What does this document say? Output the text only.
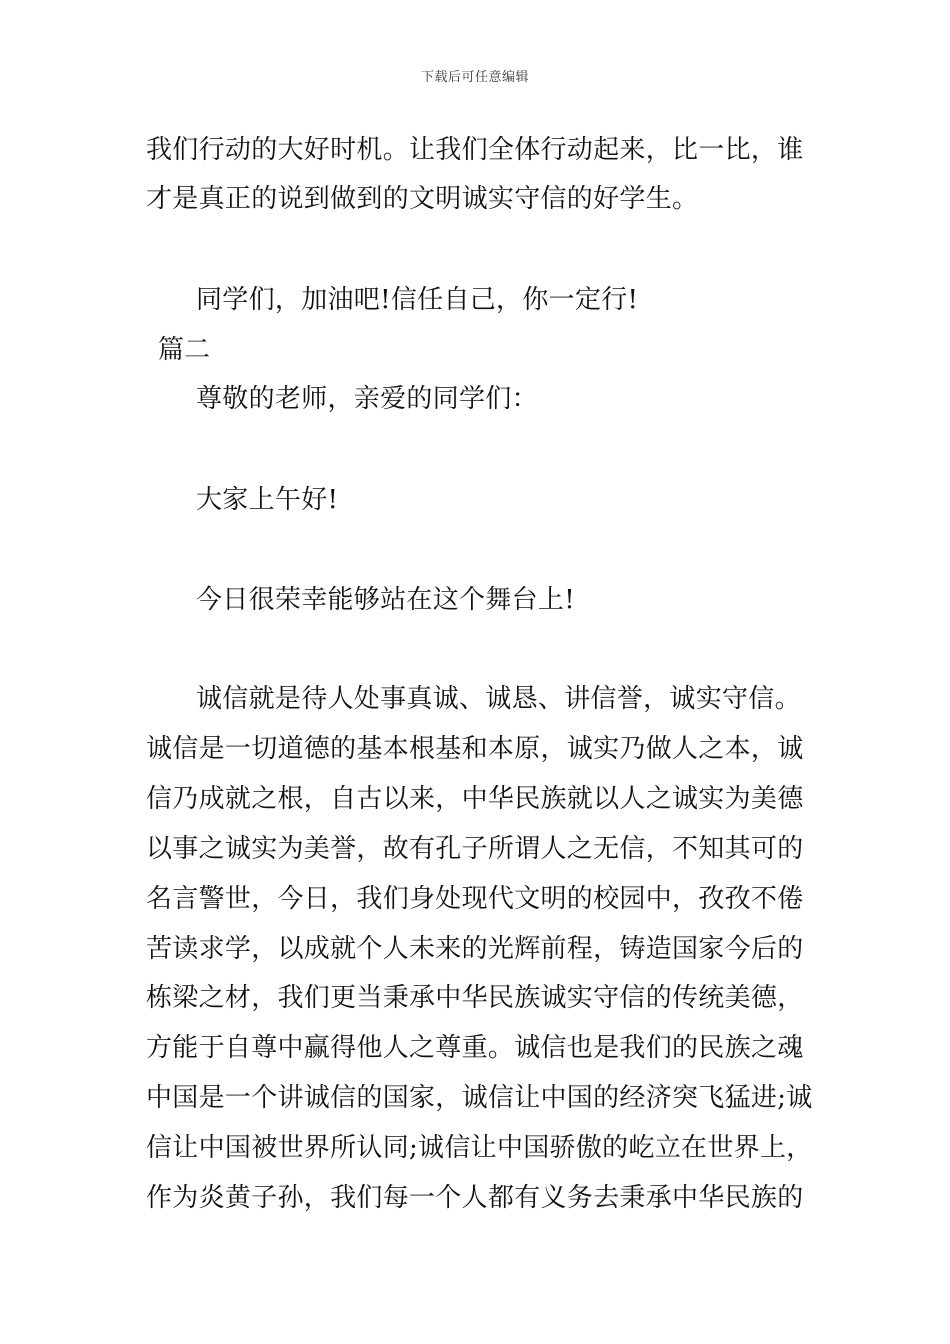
下载后可任意编辑
我们行动的大好时机。让我们全体行动起来，比一比，谁
才是真正的说到做到的文明诚实守信的好学生。
同学们，加油吧!信任自己，你一定行!
篇二
尊敬的老师，亲爱的同学们：
大家上午好!
今日很荣幸能够站在这个舞台上!
诚信就是待人处事真诚、诚恳、讲信誉，诚实守信。
诚信是一切道德的基本根基和本原，诚实乃做人之本，诚
信乃成就之根，自古以来，中华民族就以人之诚实为美德
以事之诚实为美誉，故有孔子所谓人之无信，不知其可的
名言警世，今日，我们身处现代文明的校园中，孜孜不倦
苦读求学，以成就个人未来的光辉前程，铸造国家今后的
栋梁之材，我们更当秉承中华民族诚实守信的传统美德，
方能于自尊中赢得他人之尊重。诚信也是我们的民族之魂
中国是一个讲诚信的国家，诚信让中国的经济突飞猛进;诚
信让中国被世界所认同;诚信让中国骄傲的屹立在世界上，
作为炎黄子孙，我们每一个人都有义务去秉承中华民族的
